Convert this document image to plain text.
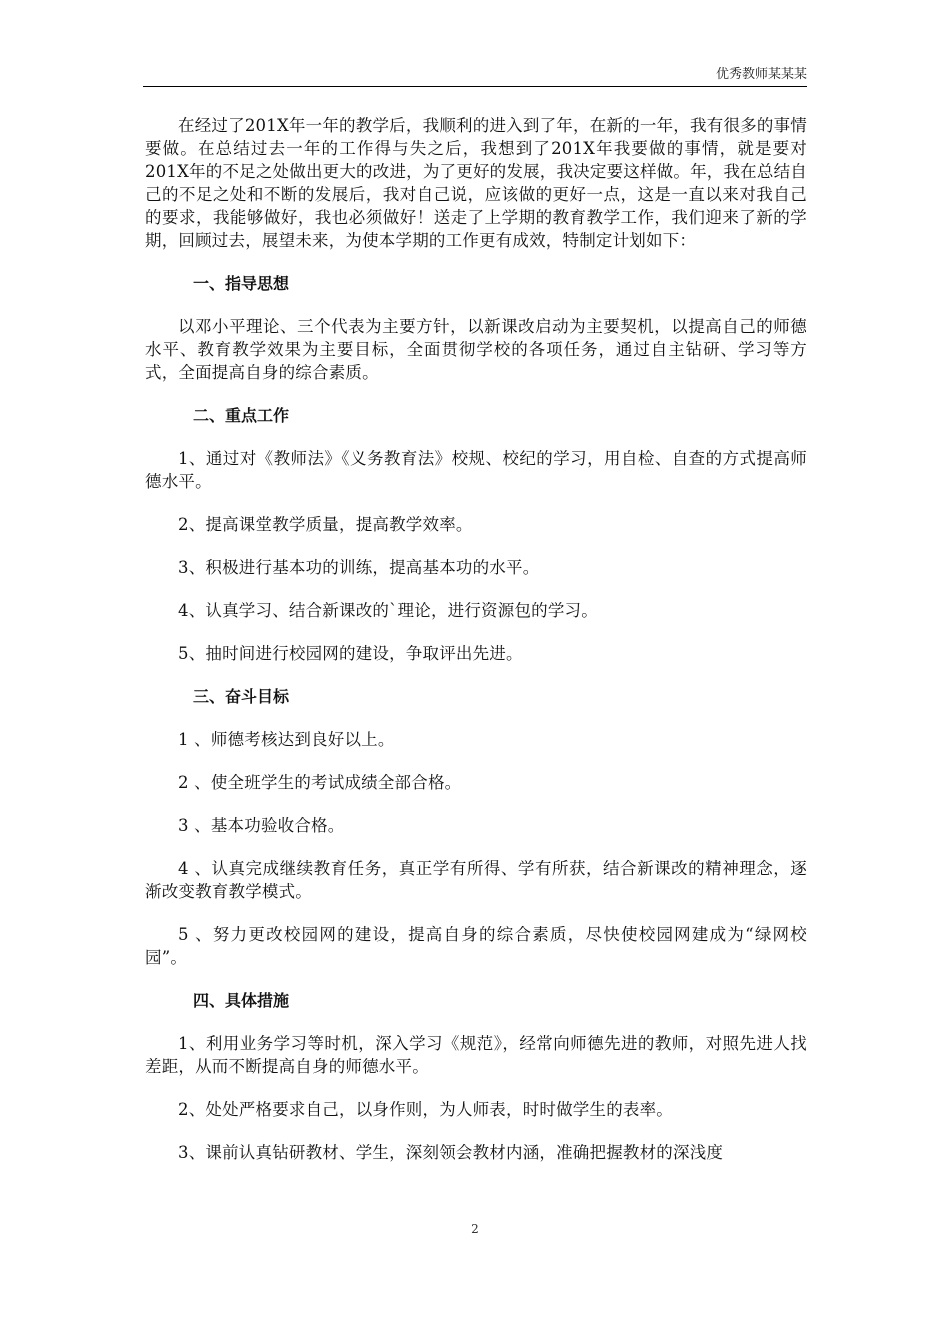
优秀教师某某某

在经过了201X年一年的教学后，我顺利的进入到了年，在新的一年，我有很多的事情要做。在总结过去一年的工作得与失之后，我想到了201X年我要做的事情，就是要对201X年的不足之处做出更大的改进，为了更好的发展，我决定要这样做。年，我在总结自己的不足之处和不断的发展后，我对自己说，应该做的更好一点，这是一直以来对我自己的要求，我能够做好，我也必须做好！送走了上学期的教育教学工作，我们迎来了新的学期，回顾过去，展望未来，为使本学期的工作更有成效，特制定计划如下：

一、指导思想

以邓小平理论、三个代表为主要方针，以新课改启动为主要契机，以提高自己的师德水平、教育教学效果为主要目标，全面贯彻学校的各项任务，通过自主钻研、学习等方式，全面提高自身的综合素质。

二、重点工作

1、通过对《教师法》《义务教育法》校规、校纪的学习，用自检、自查的方式提高师德水平。

2、提高课堂教学质量，提高教学效率。

3、积极进行基本功的训练，提高基本功的水平。

4、认真学习、结合新课改的`理论，进行资源包的学习。

5、抽时间进行校园网的建设，争取评出先进。

三、奋斗目标

1 、师德考核达到良好以上。

2 、使全班学生的考试成绩全部合格。

3 、基本功验收合格。

4 、认真完成继续教育任务，真正学有所得、学有所获，结合新课改的精神理念，逐渐改变教育教学模式。

5 、努力更改校园网的建设，提高自身的综合素质，尽快使校园网建成为“绿网校园”。

四、具体措施

1、利用业务学习等时机，深入学习《规范》，经常向师德先进的教师，对照先进人找差距，从而不断提高自身的师德水平。

2、处处严格要求自己，以身作则，为人师表，时时做学生的表率。

3、课前认真钻研教材、学生，深刻领会教材内涵，准确把握教材的深浅度

2
